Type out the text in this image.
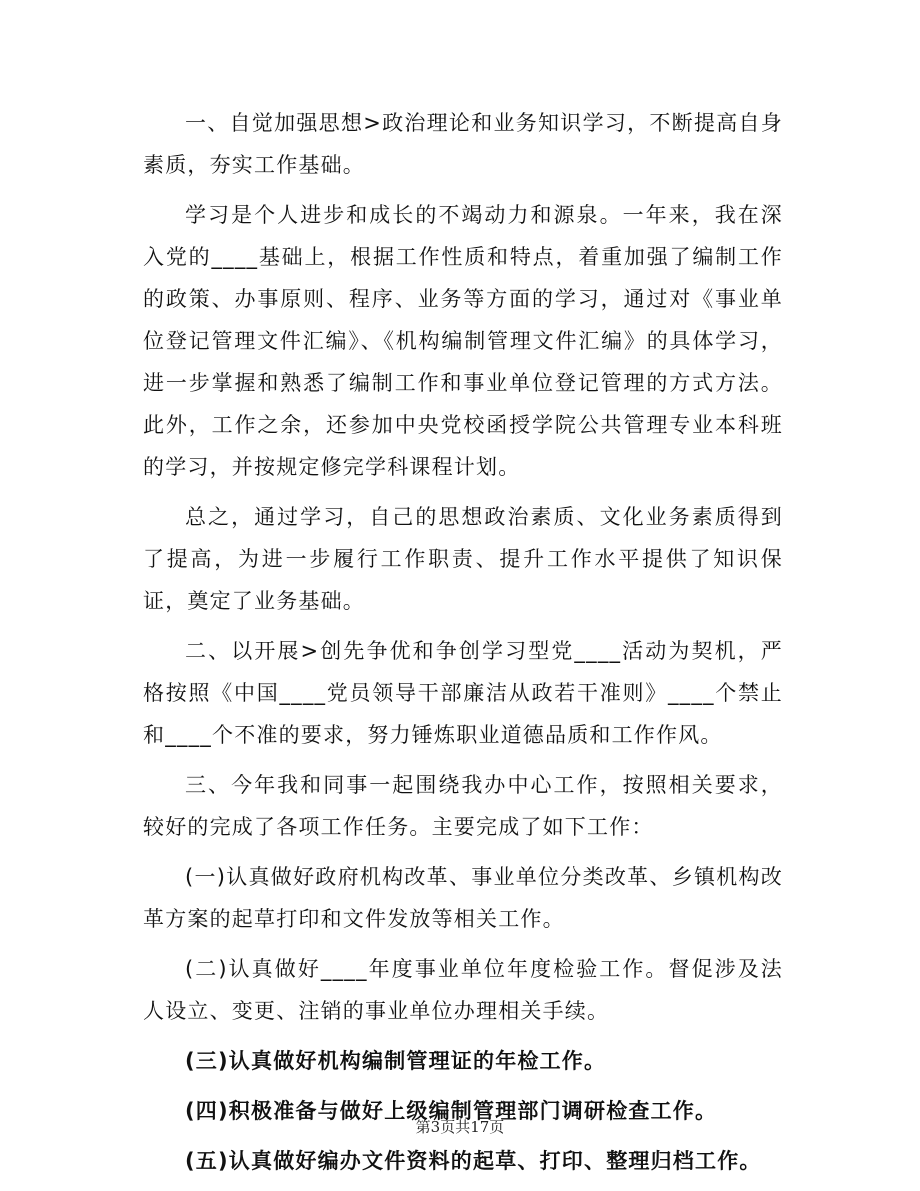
一、自觉加强思想>政治理论和业务知识学习，不断提高自身素质，夯实工作基础。

学习是个人进步和成长的不竭动力和源泉。一年来，我在深入党的____基础上，根据工作性质和特点，着重加强了编制工作的政策、办事原则、程序、业务等方面的学习，通过对《事业单位登记管理文件汇编》、《机构编制管理文件汇编》的具体学习，进一步掌握和熟悉了编制工作和事业单位登记管理的方式方法。此外，工作之余，还参加中央党校函授学院公共管理专业本科班的学习，并按规定修完学科课程计划。

总之，通过学习，自己的思想政治素质、文化业务素质得到了提高，为进一步履行工作职责、提升工作水平提供了知识保证，奠定了业务基础。

二、以开展>创先争优和争创学习型党____活动为契机，严格按照《中国____党员领导干部廉洁从政若干准则》____个禁止和____个不准的要求，努力锤炼职业道德品质和工作作风。

三、今年我和同事一起围绕我办中心工作，按照相关要求，较好的完成了各项工作任务。主要完成了如下工作：

(一)认真做好政府机构改革、事业单位分类改革、乡镇机构改革方案的起草打印和文件发放等相关工作。

(二)认真做好____年度事业单位年度检验工作。督促涉及法人设立、变更、注销的事业单位办理相关手续。

(三)认真做好机构编制管理证的年检工作。

(四)积极准备与做好上级编制管理部门调研检查工作。

(五)认真做好编办文件资料的起草、打印、整理归档工作。

第3页共17页
